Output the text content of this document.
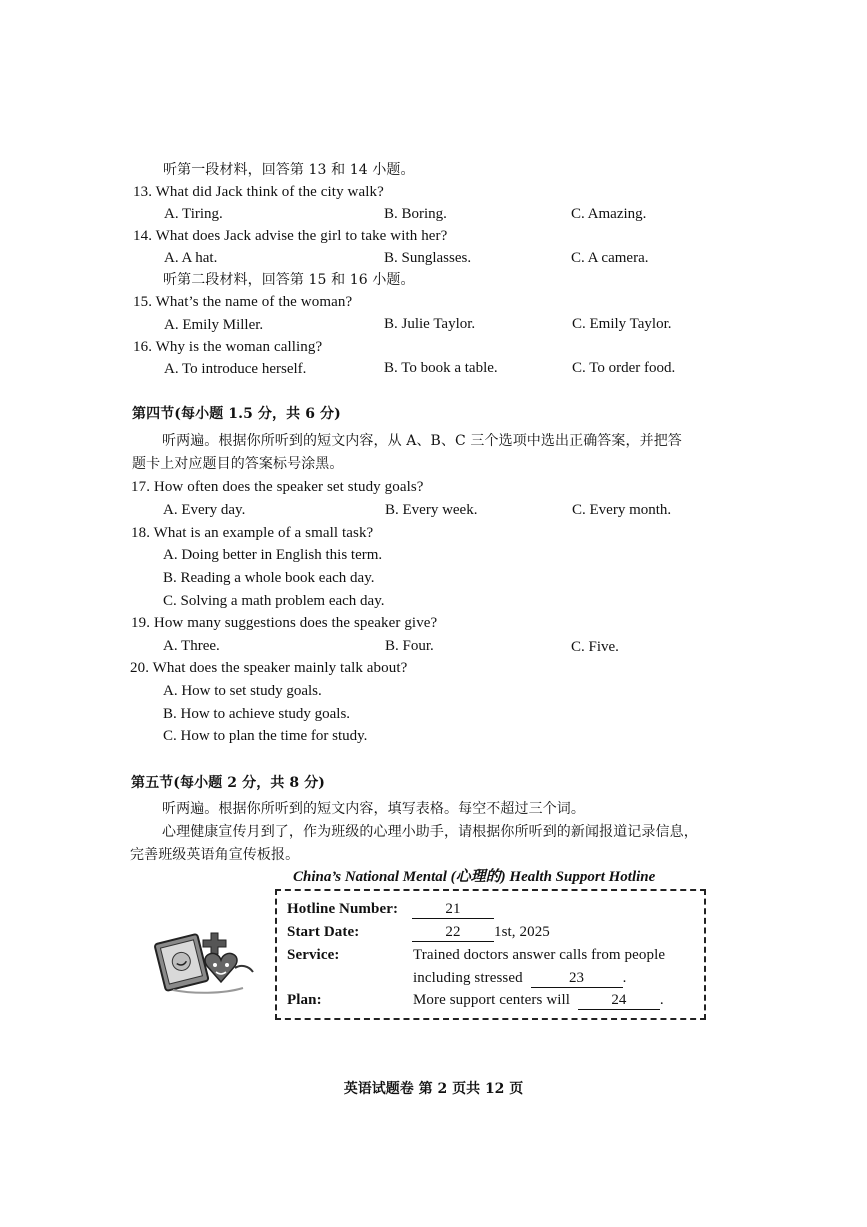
听第一段材料，回答第 13 和 14 小题。
13. What did Jack think of the city walk?
A. Tiring.	B. Boring.	C. Amazing.
14. What does Jack advise the girl to take with her?
A. A hat.	B. Sunglasses.	C. A camera.
听第二段材料，回答第 15 和 16 小题。
15. What’s the name of the woman?
A. Emily Miller.	B. Julie Taylor.	C. Emily Taylor.
16. Why is the woman calling?
A. To introduce herself.	B. To book a table.	C. To order food.
第四节(每小题 1.5 分，共 6 分)
听两遍。根据你所听到的短文内容，从 A、B、C 三个选项中选出正确答案，并把答
题卡上对应题目的答案标号涂黑。
17. How often does the speaker set study goals?
A. Every day.	B. Every week.	C. Every month.
18. What is an example of a small task?
A. Doing better in English this term.
B. Reading a whole book each day.
C. Solving a math problem each day.
19. How many suggestions does the speaker give?
A. Three.	B. Four.	C. Five.
20. What does the speaker mainly talk about?
A. How to set study goals.
B. How to achieve study goals.
C. How to plan the time for study.
第五节(每小题 2 分，共 8 分)
听两遍。根据你所听到的短文内容，填写表格。每空不超过三个词。
心理健康宣传月到了，作为班级的心理小助手，请根据你所听到的新闻报道记录信息，
完善班级英语角宣传板报。
China’s National Mental (心理的) Health Support Hotline
Hotline Number:	21
Start Date:	22 1st, 2025
Service:	Trained doctors answer calls from people
including stressed	23	.
Plan:	More support centers will	24 .
英语试题卷 第 2 页共 12 页
